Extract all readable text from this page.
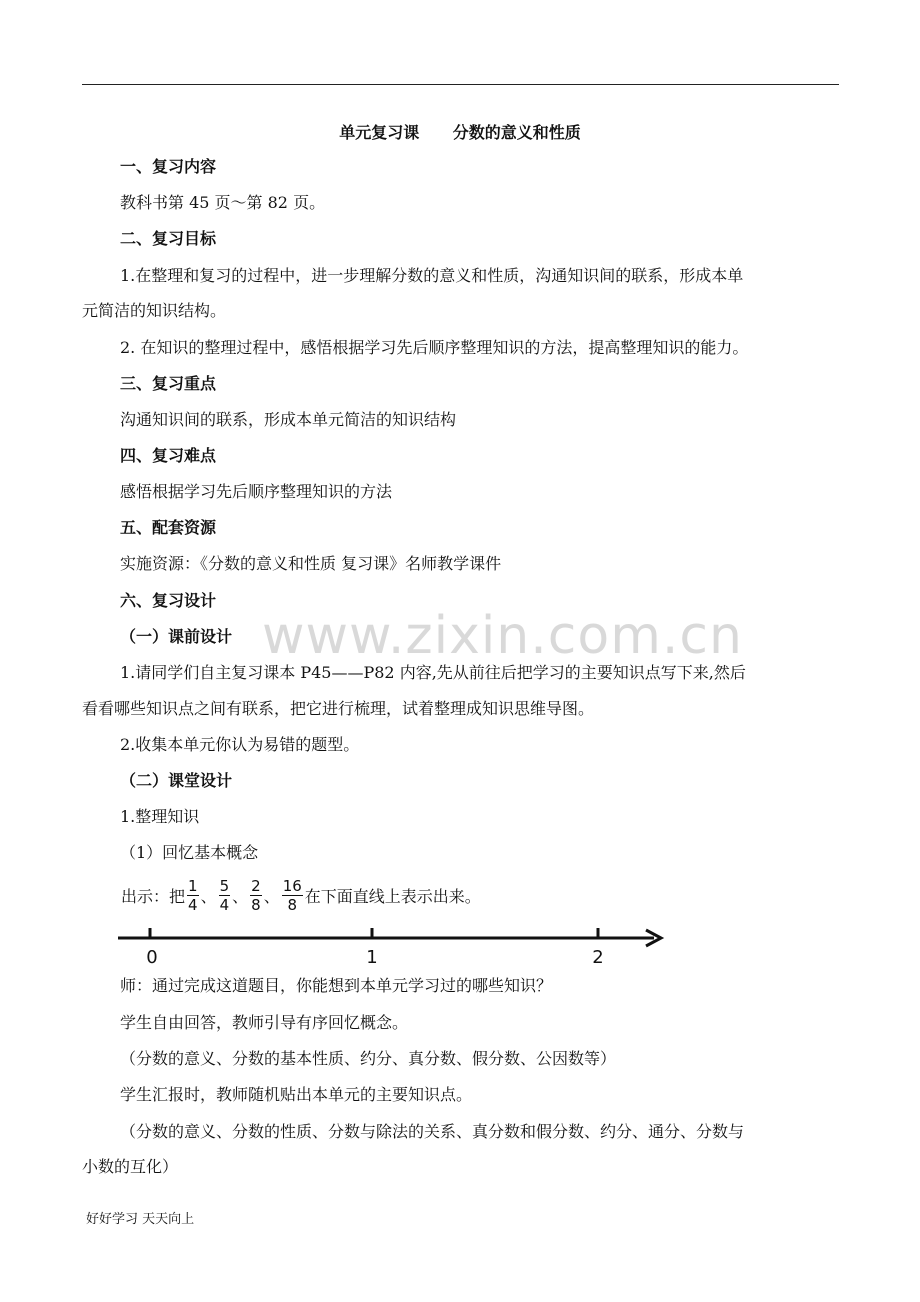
单元复习课 分数的意义和性质
一、复习内容
教科书第 45 页～第 82 页。
二、复习目标
1.在整理和复习的过程中，进一步理解分数的意义和性质，沟通知识间的联系，形成本单
元简洁的知识结构。
2. 在知识的整理过程中，感悟根据学习先后顺序整理知识的方法，提高整理知识的能力。
三、复习重点
沟通知识间的联系，形成本单元简洁的知识结构
四、复习难点
感悟根据学习先后顺序整理知识的方法
五、配套资源
实施资源：《分数的意义和性质 复习课》名师教学课件
六、复习设计
www.zixin.com.cn
（一）课前设计
1.请同学们自主复习课本 P45——P82 内容,先从前往后把学习的主要知识点写下来,然后
看看哪些知识点之间有联系，把它进行梳理，试着整理成知识思维导图。
2.收集本单元你认为易错的题型。
（二）课堂设计
1.整理知识
（1）回忆基本概念
出示：把 $\frac{1}{4}$ 、 $\frac{5}{4}$ 、 $\frac{2}{8}$ 、 $\frac{16}{8}$ 在下面直线上表示出来。
0	1	2
师：通过完成这道题目，你能想到本单元学习过的哪些知识？
学生自由回答，教师引导有序回忆概念。
（分数的意义、分数的基本性质、约分、真分数、假分数、公因数等）
学生汇报时，教师随机贴出本单元的主要知识点。
（分数的意义、分数的性质、分数与除法的关系、真分数和假分数、约分、通分、分数与
小数的互化）
好好学习 天天向上
